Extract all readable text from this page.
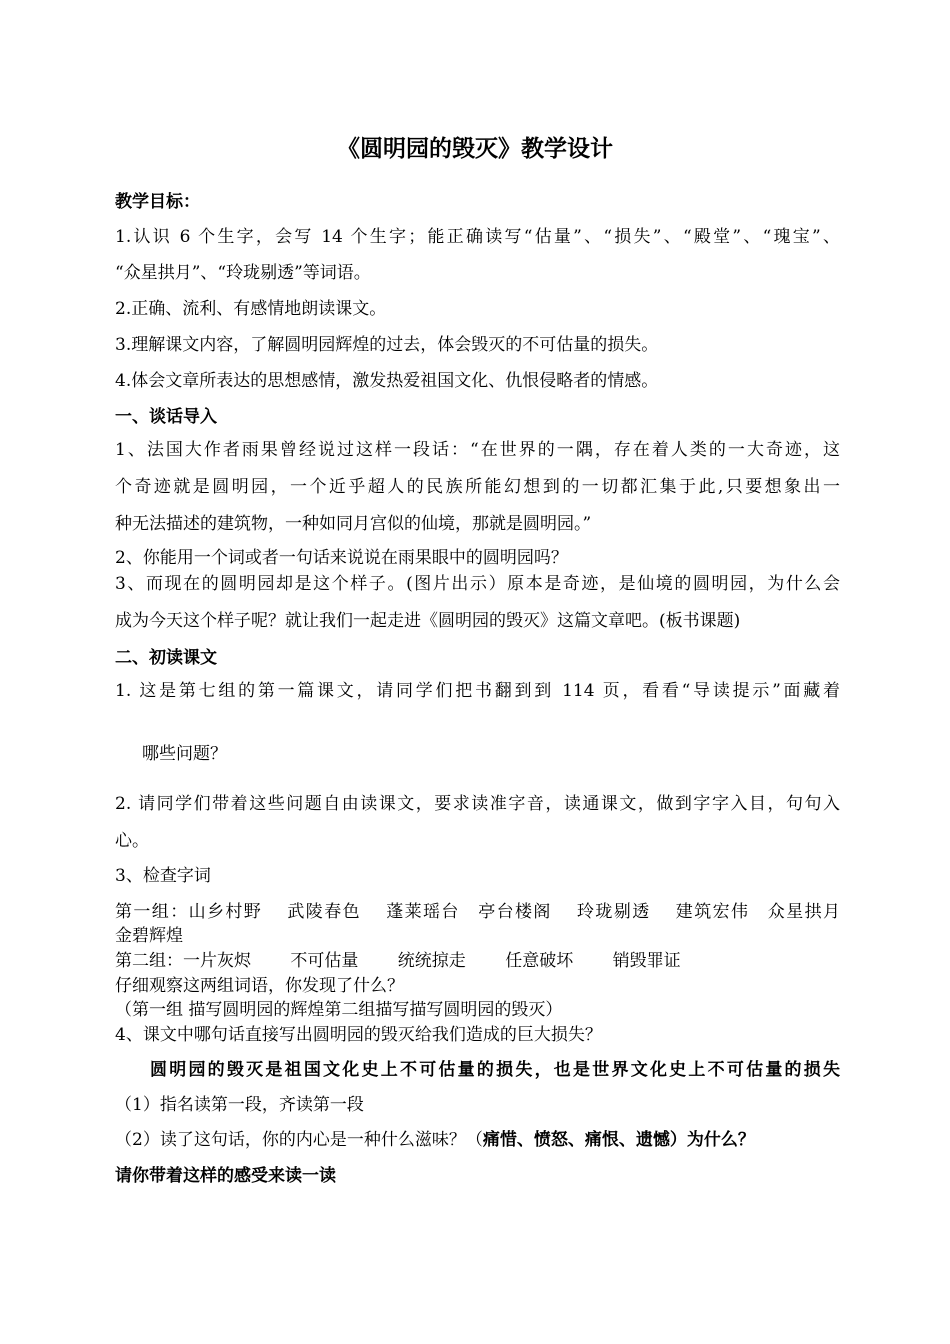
《圆明园的毁灭》教学设计
教学目标：
1.认识 6 个生字，会写 14 个生字；能正确读写“估量”、“损失”、“殿堂”、“瑰宝”、
“众星拱月”、“玲珑剔透”等词语。
2.正确、流利、有感情地朗读课文。
3.理解课文内容，了解圆明园辉煌的过去，体会毁灭的不可估量的损失。
4.体会文章所表达的思想感情，激发热爱祖国文化、仇恨侵略者的情感。
一、谈话导入
1、法国大作者雨果曾经说过这样一段话：“在世界的一隅，存在着人类的一大奇迹，这
个奇迹就是圆明园，一个近乎超人的民族所能幻想到的一切都汇集于此,只要想象出一
种无法描述的建筑物，一种如同月宫似的仙境，那就是圆明园。”
2、你能用一个词或者一句话来说说在雨果眼中的圆明园吗？
3、而现在的圆明园却是这个样子。(图片出示）原本是奇迹，是仙境的圆明园，为什么会
成为今天这个样子呢？就让我们一起走进《圆明园的毁灭》这篇文章吧。(板书课题)
二、初读课文
1. 这是第七组的第一篇课文，请同学们把书翻到到 114 页，看看“导读提示”面藏着
哪些问题？
2. 请同学们带着这些问题自由读课文，要求读准字音，读通课文，做到字字入目，句句入
心。
3、检查字词
第一组：山乡村野　 武陵春色　 蓬莱瑶台　亭台楼阁　 玲珑剔透　 建筑宏伟　众星拱月
金碧辉煌
第二组：一片灰烬　　 不可估量　　 统统掠走　　 任意破坏　　 销毁罪证
仔细观察这两组词语，你发现了什么？
（第一组 描写圆明园的辉煌第二组描写描写圆明园的毁灭）
4、课文中哪句话直接写出圆明园的毁灭给我们造成的巨大损失？
圆明园的毁灭是祖国文化史上不可估量的损失，也是世界文化史上不可估量的损失
（1）指名读第一段，齐读第一段
（2）读了这句话，你的内心是一种什么滋味？（痛惜、愤怒、痛恨、遗憾）为什么？
请你带着这样的感受来读一读
